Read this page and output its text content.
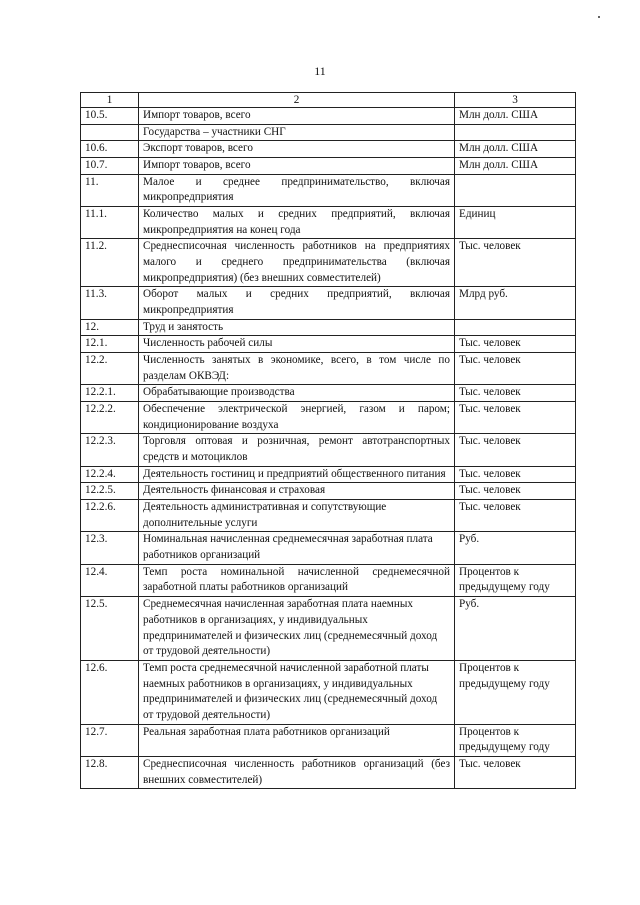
11
1	2	3
10.5.	Импорт товаров, всего	Млн долл. США
	Государства – участники СНГ	
10.6.	Экспорт товаров, всего	Млн долл. США
10.7.	Импорт товаров, всего	Млн долл. США
11.	Малое и среднее предпринимательство, включая микропредприятия	
11.1.	Количество малых и средних предприятий, включая микропредприятия на конец года	Единиц
11.2.	Среднесписочная численность работников на предприятиях малого и среднего предпринимательства (включая микропредприятия) (без внешних совместителей)	Тыс. человек
11.3.	Оборот малых и средних предприятий, включая микропредприятия	Млрд руб.
12.	Труд и занятость	
12.1.	Численность рабочей силы	Тыс. человек
12.2.	Численность занятых в экономике, всего, в том числе по разделам ОКВЭД:	Тыс. человек
12.2.1.	Обрабатывающие производства	Тыс. человек
12.2.2.	Обеспечение электрической энергией, газом и паром; кондиционирование воздуха	Тыс. человек
12.2.3.	Торговля оптовая и розничная, ремонт автотранспортных средств и мотоциклов	Тыс. человек
12.2.4.	Деятельность гостиниц и предприятий общественного питания	Тыс. человек
12.2.5.	Деятельность финансовая и страховая	Тыс. человек
12.2.6.	Деятельность административная и сопутствующие дополнительные услуги	Тыс. человек
12.3.	Номинальная начисленная среднемесячная заработная плата работников организаций	Руб.
12.4.	Темп роста номинальной начисленной среднемесячной заработной платы работников организаций	Процентов к предыдущему году
12.5.	Среднемесячная начисленная заработная плата наемных работников в организациях, у индивидуальных предпринимателей и физических лиц (среднемесячный доход от трудовой деятельности)	Руб.
12.6.	Темп роста среднемесячной начисленной заработной платы наемных работников в организациях, у индивидуальных предпринимателей и физических лиц (среднемесячный доход от трудовой деятельности)	Процентов к предыдущему году
12.7.	Реальная заработная плата работников организаций	Процентов к предыдущему году
12.8.	Среднесписочная численность работников организаций (без внешних совместителей)	Тыс. человек
